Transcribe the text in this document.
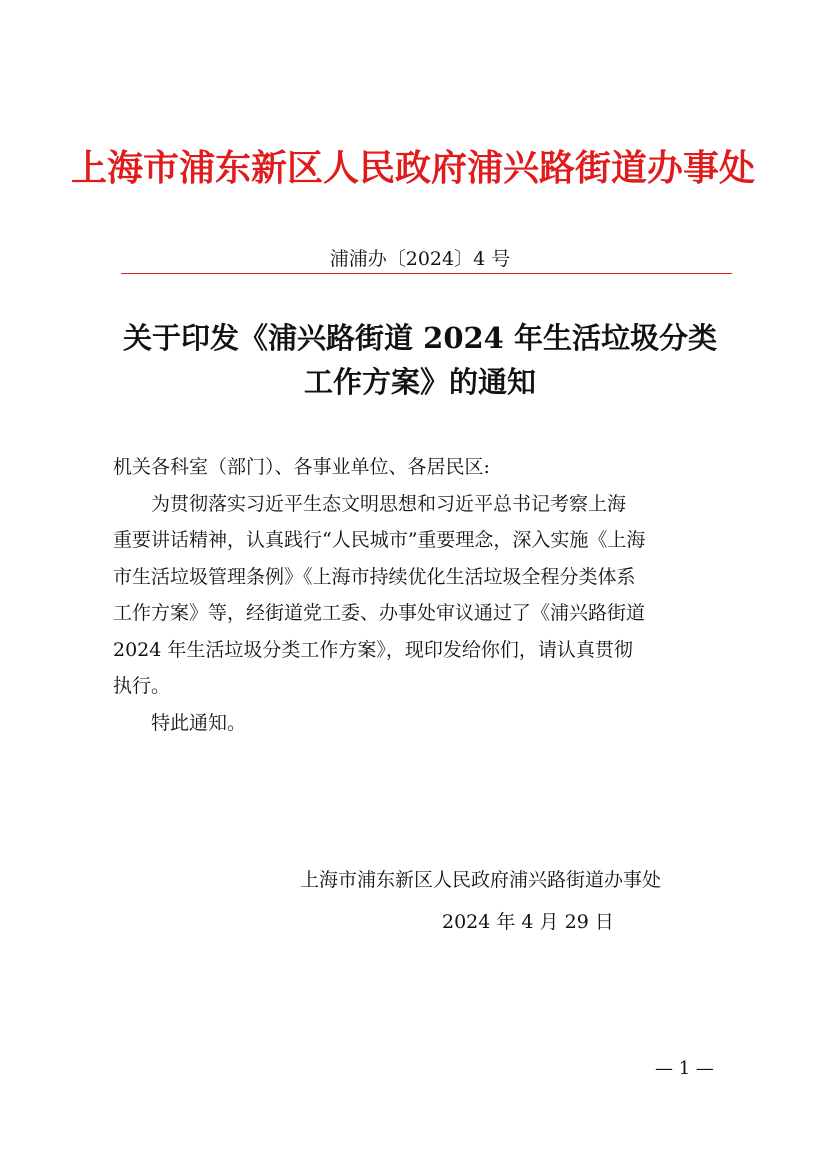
上海市浦东新区人民政府浦兴路街道办事处
浦浦办〔2024〕4 号
关于印发《浦兴路街道 2024 年生活垃圾分类
工作方案》的通知

机关各科室（部门）、各事业单位、各居民区:

为贯彻落实习近平生态文明思想和习近平总书记考察上海

重要讲话精神，认真践行“人民城市”重要理念，深入实施《上海

市生活垃圾管理条例》《上海市持续优化生活垃圾全程分类体系

工作方案》等，经街道党工委、办事处审议通过了《浦兴路街道

2024 年生活垃圾分类工作方案》，现印发给你们，请认真贯彻

执行。

特此通知。

上海市浦东新区人民政府浦兴路街道办事处
2024 年 4 月 29 日
— 1 —
